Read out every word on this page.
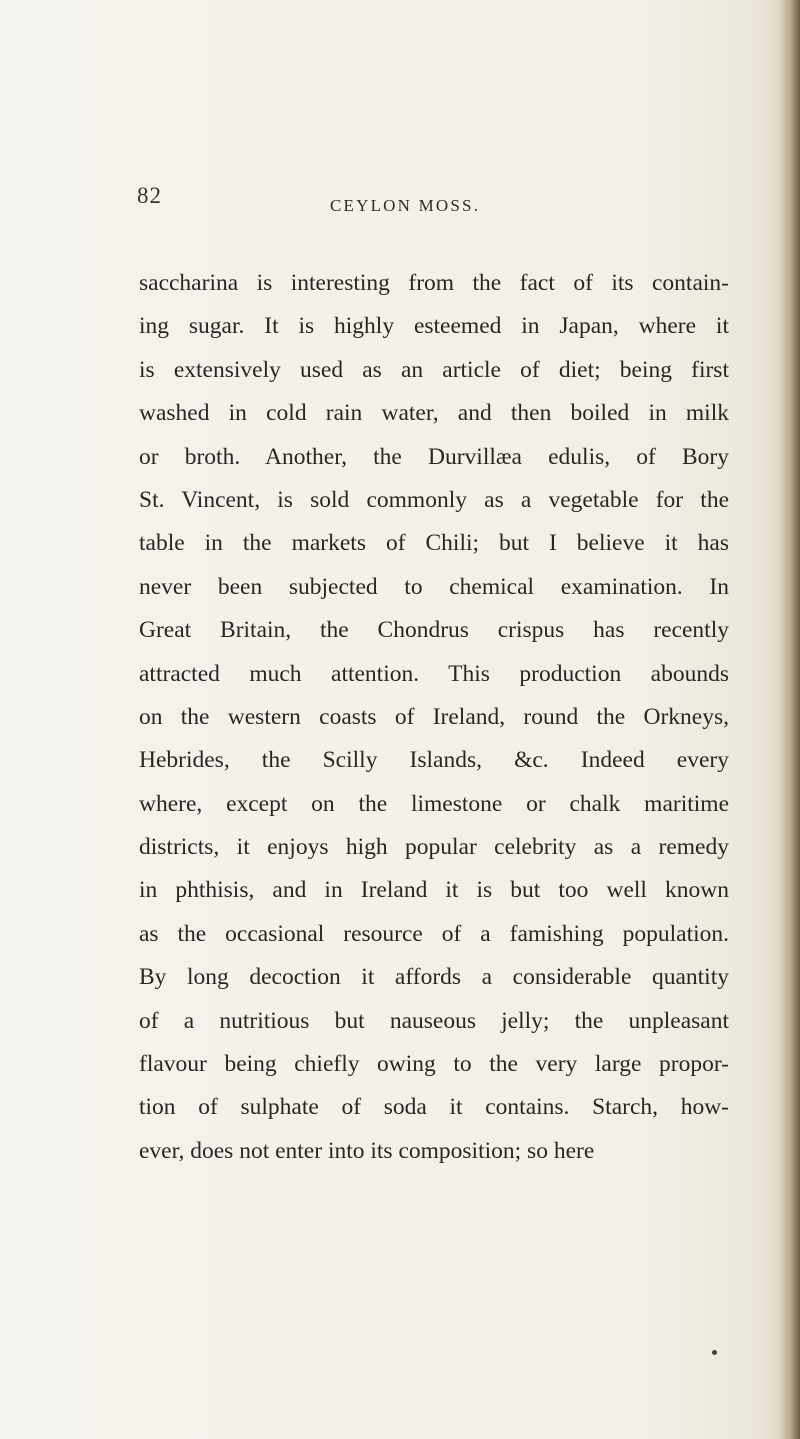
82	CEYLON MOSS.
saccharina is interesting from the fact of its contain-
ing sugar. It is highly esteemed in Japan, where it
is extensively used as an article of diet; being first
washed in cold rain water, and then boiled in milk
or broth. Another, the Durvillæa edulis, of Bory
St. Vincent, is sold commonly as a vegetable for the
table in the markets of Chili; but I believe it has
never been subjected to chemical examination. In
Great Britain, the Chondrus crispus has recently
attracted much attention. This production abounds
on the western coasts of Ireland, round the Orkneys,
Hebrides, the Scilly Islands, &c. Indeed every
where, except on the limestone or chalk maritime
districts, it enjoys high popular celebrity as a remedy
in phthisis, and in Ireland it is but too well known
as the occasional resource of a famishing population.
By long decoction it affords a considerable quantity
of a nutritious but nauseous jelly; the unpleasant
flavour being chiefly owing to the very large propor-
tion of sulphate of soda it contains. Starch, how-
ever, does not enter into its composition; so here
